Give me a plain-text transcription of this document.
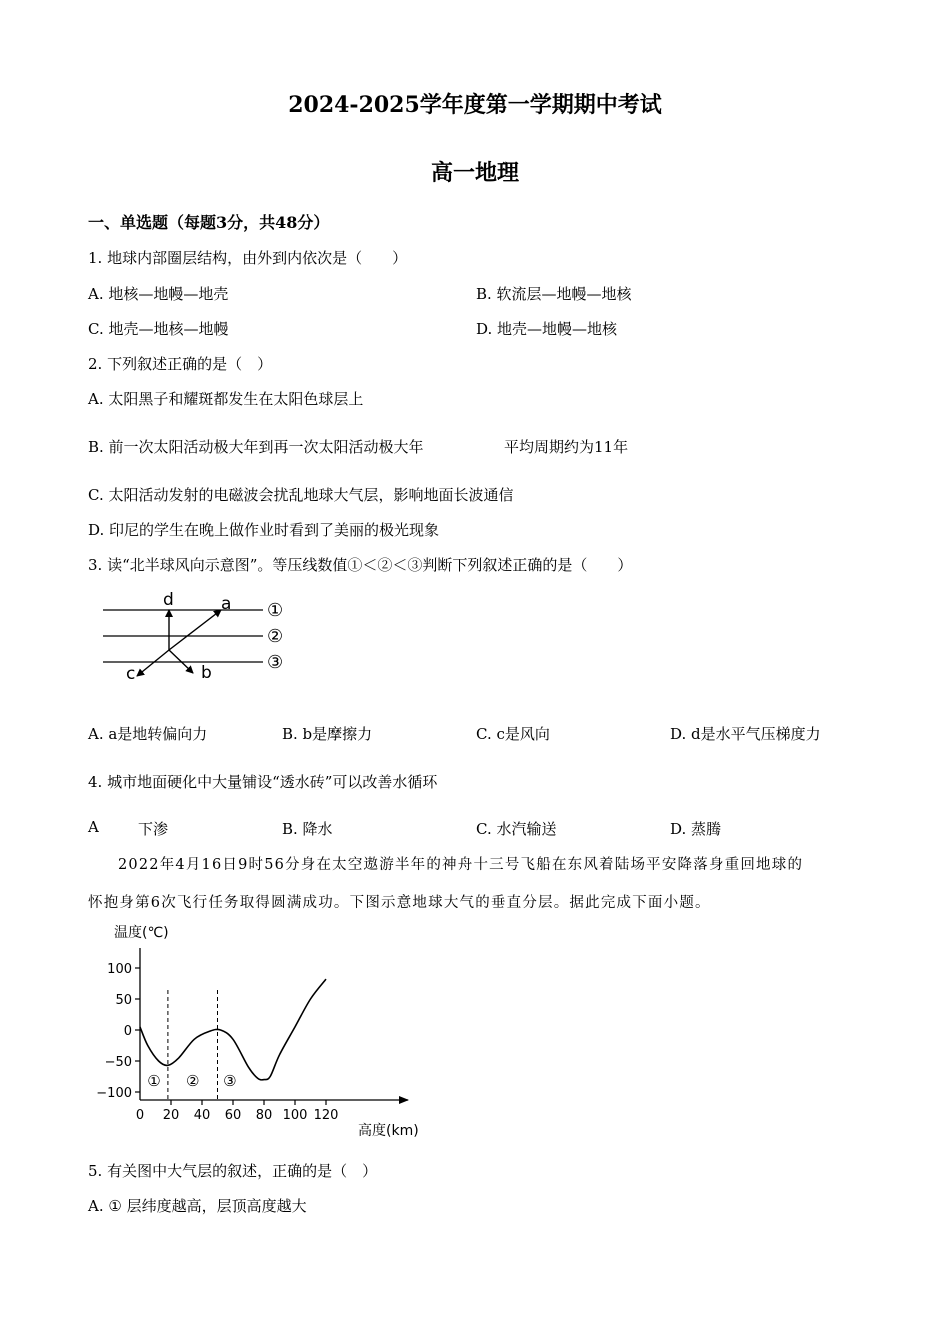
2024-2025学年度第一学期期中考试
高一地理
一、单选题（每题3分，共48分）
1. 地球内部圈层结构，由外到内依次是（　　）
A. 地核—地幔—地壳	B. 软流层—地幔—地核
C. 地壳—地核—地幔	D. 地壳—地幔—地核
2. 下列叙述正确的是（　）
A. 太阳黑子和耀斑都发生在太阳色球层上
B. 前一次太阳活动极大年到再一次太阳活动极大年	平均周期约为11年
C. 太阳活动发射的电磁波会扰乱地球大气层，影响地面长波通信
D. 印尼的学生在晚上做作业时看到了美丽的极光现象
3. 读“北半球风向示意图”。等压线数值①＜②＜③判断下列叙述正确的是（　　）
d	a
c	b
①
②
③
A. a是地转偏向力	B. b是摩擦力	C. c是风向	D. d是水平气压梯度力
4. 城市地面硬化中大量铺设“透水砖”可以改善水循环
A	下渗	B. 降水	C. 水汽输送	D. 蒸腾
2022年4月16日9时56分身在太空遨游半年的神舟十三号飞船在东风着陆场平安降落身重回地球的
怀抱身第6次飞行任务取得圆满成功。下图示意地球大气的垂直分层。据此完成下面小题。
温度(℃)
高度(km)
100
50
0
−50
−100
0 20 40 60 80 100 120
① ② ③
5. 有关图中大气层的叙述，正确的是（　）
A. ① 层纬度越高，层顶高度越大
